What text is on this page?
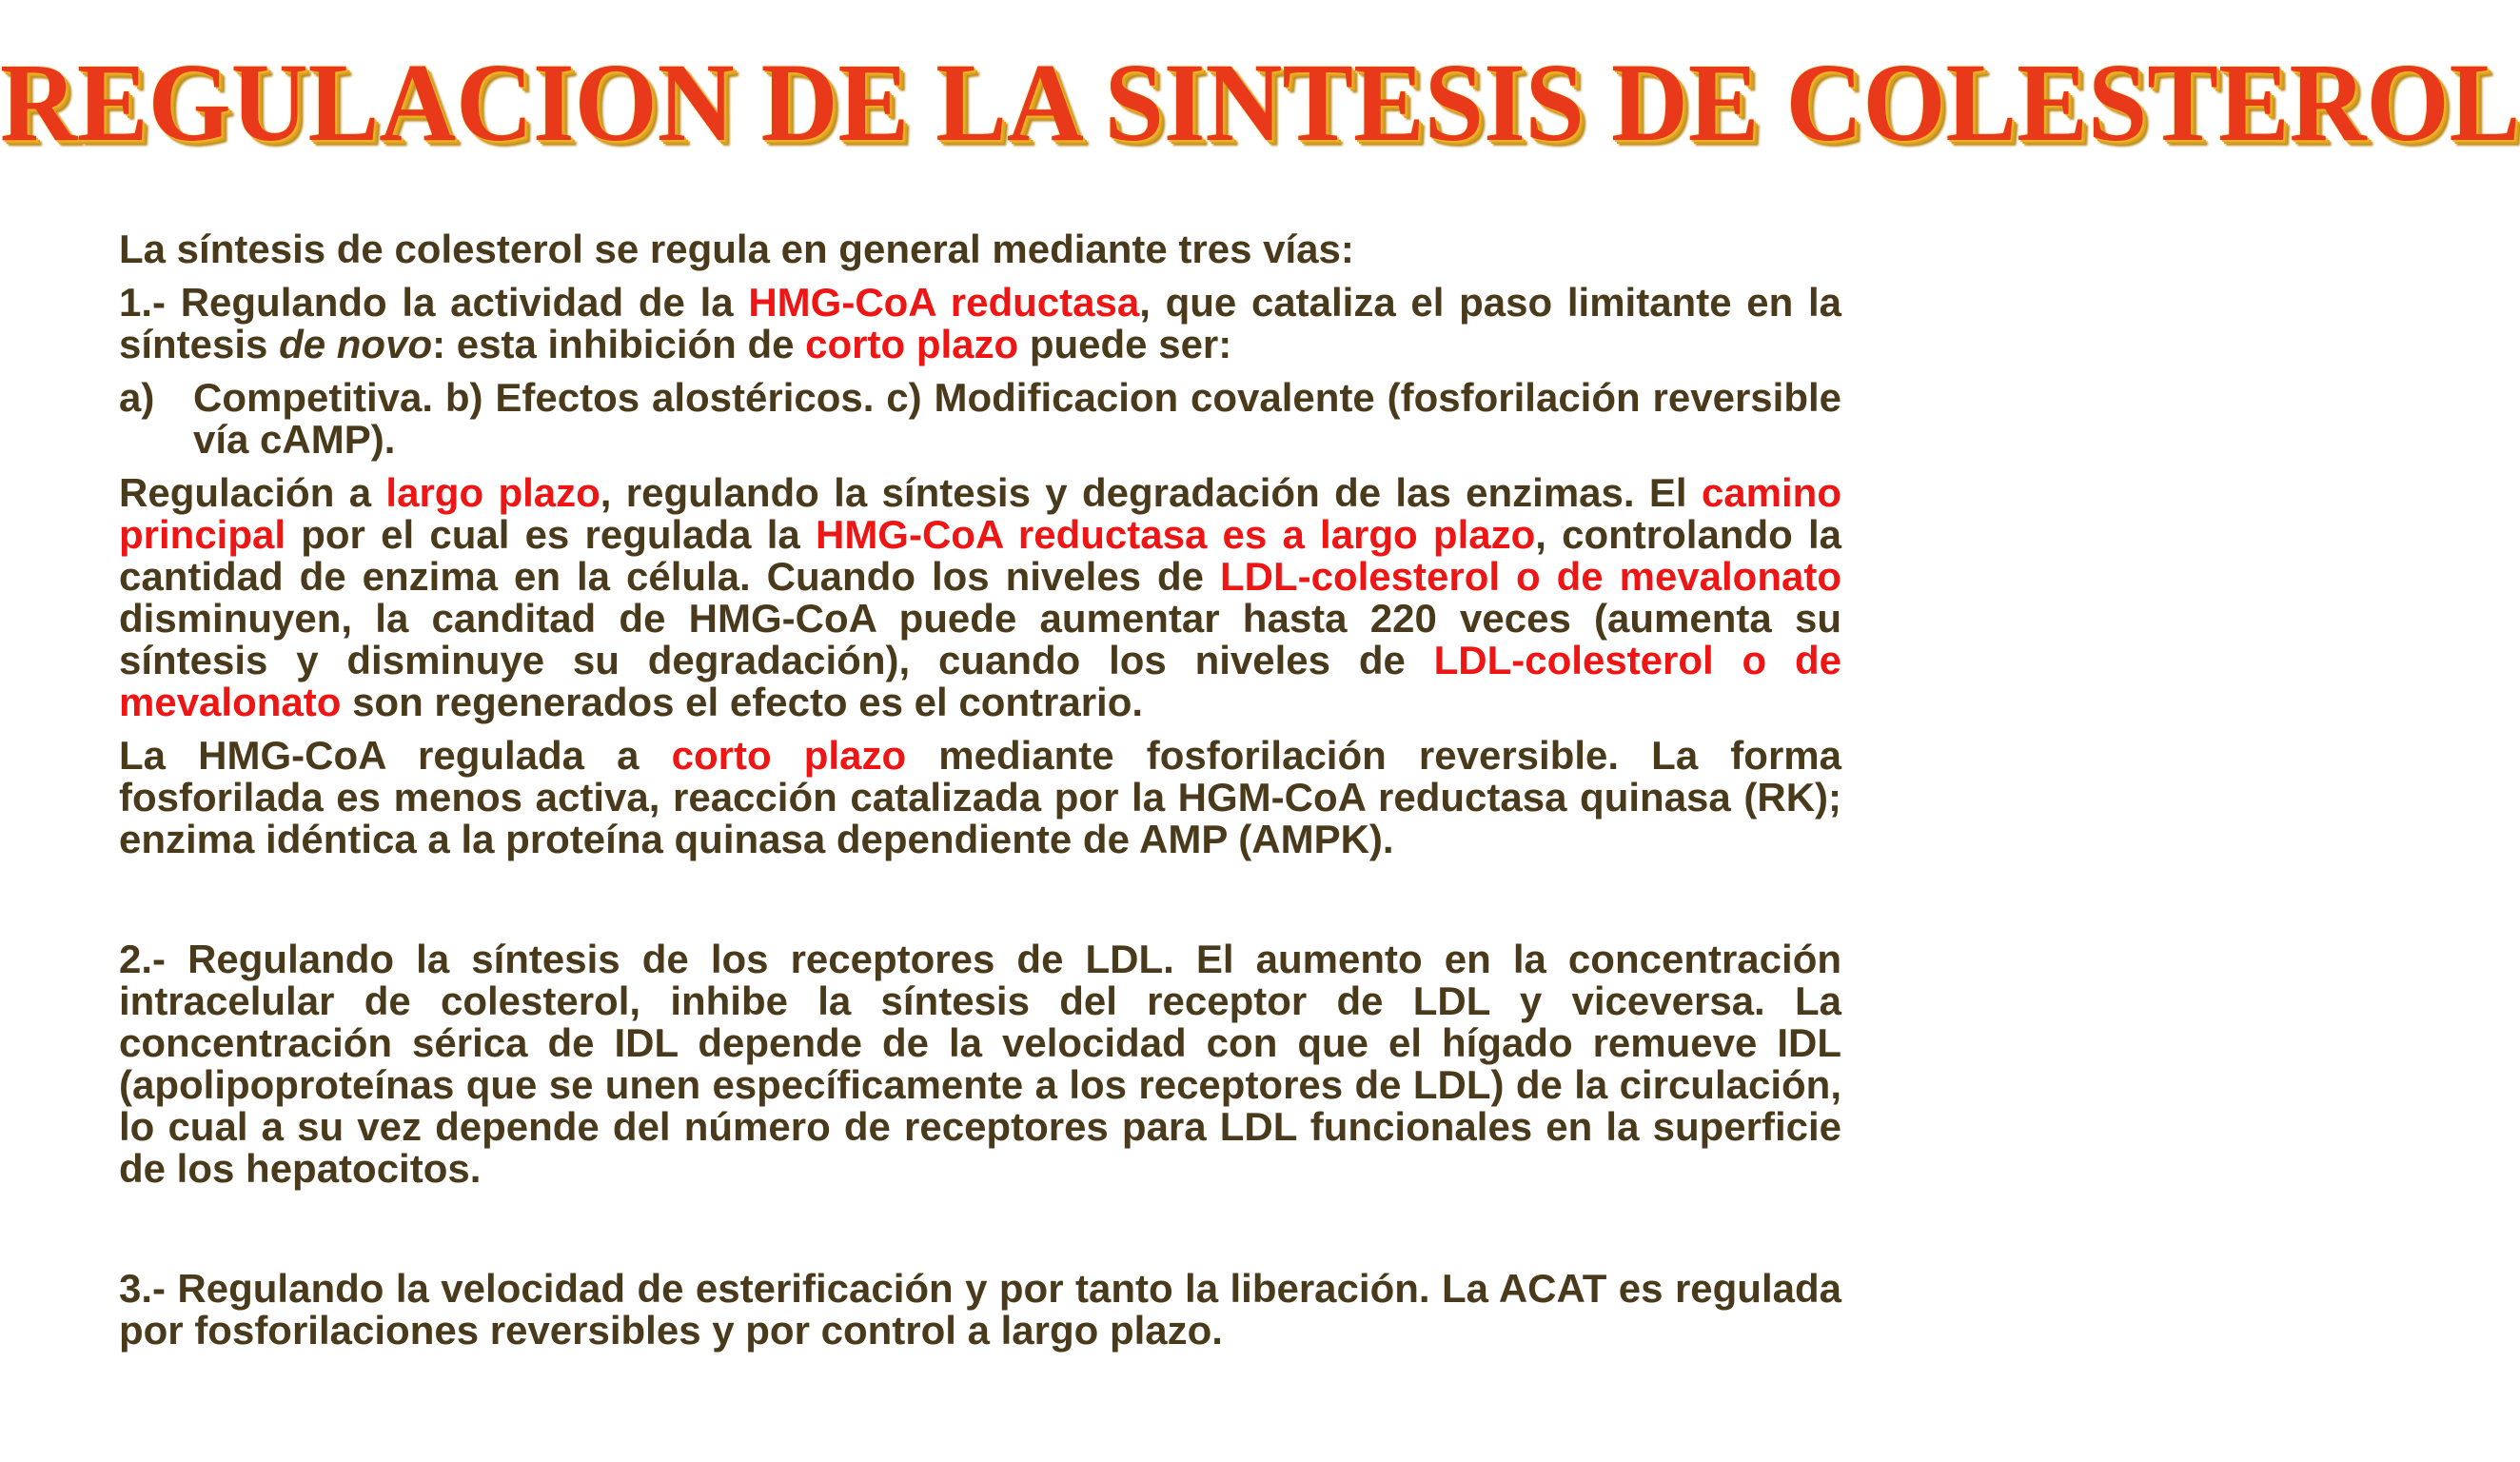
REGULACION DE LA SINTESIS DE COLESTEROL

La síntesis de colesterol se regula en general mediante tres vías:

1.- Regulando la actividad de la HMG-CoA reductasa, que cataliza el paso limitante en la síntesis de novo: esta inhibición de corto plazo puede ser:

a) Competitiva. b) Efectos alostéricos. c) Modificacion covalente (fosforilación reversible vía cAMP).

Regulación a largo plazo, regulando la síntesis y degradación de las enzimas. El camino principal por el cual es regulada la HMG-CoA reductasa es a largo plazo, controlando la cantidad de enzima en la célula. Cuando los niveles de LDL-colesterol o de mevalonato disminuyen, la canditad de HMG-CoA puede aumentar hasta 220 veces (aumenta su síntesis y disminuye su degradación), cuando los niveles de LDL-colesterol o de mevalonato son regenerados el efecto es el contrario.

La HMG-CoA regulada a corto plazo mediante fosforilación reversible. La forma fosforilada es menos activa, reacción catalizada por la HGM-CoA reductasa quinasa (RK); enzima idéntica a la proteína quinasa dependiente de AMP (AMPK).

2.- Regulando la síntesis de los receptores de LDL. El aumento en la concentración intracelular de colesterol, inhibe la síntesis del receptor de LDL y viceversa. La concentración sérica de IDL depende de la velocidad con que el hígado remueve IDL (apolipoproteínas que se unen específicamente a los receptores de LDL) de la circulación, lo cual a su vez depende del número de receptores para LDL funcionales en la superficie de los hepatocitos.

3.- Regulando la velocidad de esterificación y por tanto la liberación. La ACAT es regulada por fosforilaciones reversibles y por control a largo plazo.
